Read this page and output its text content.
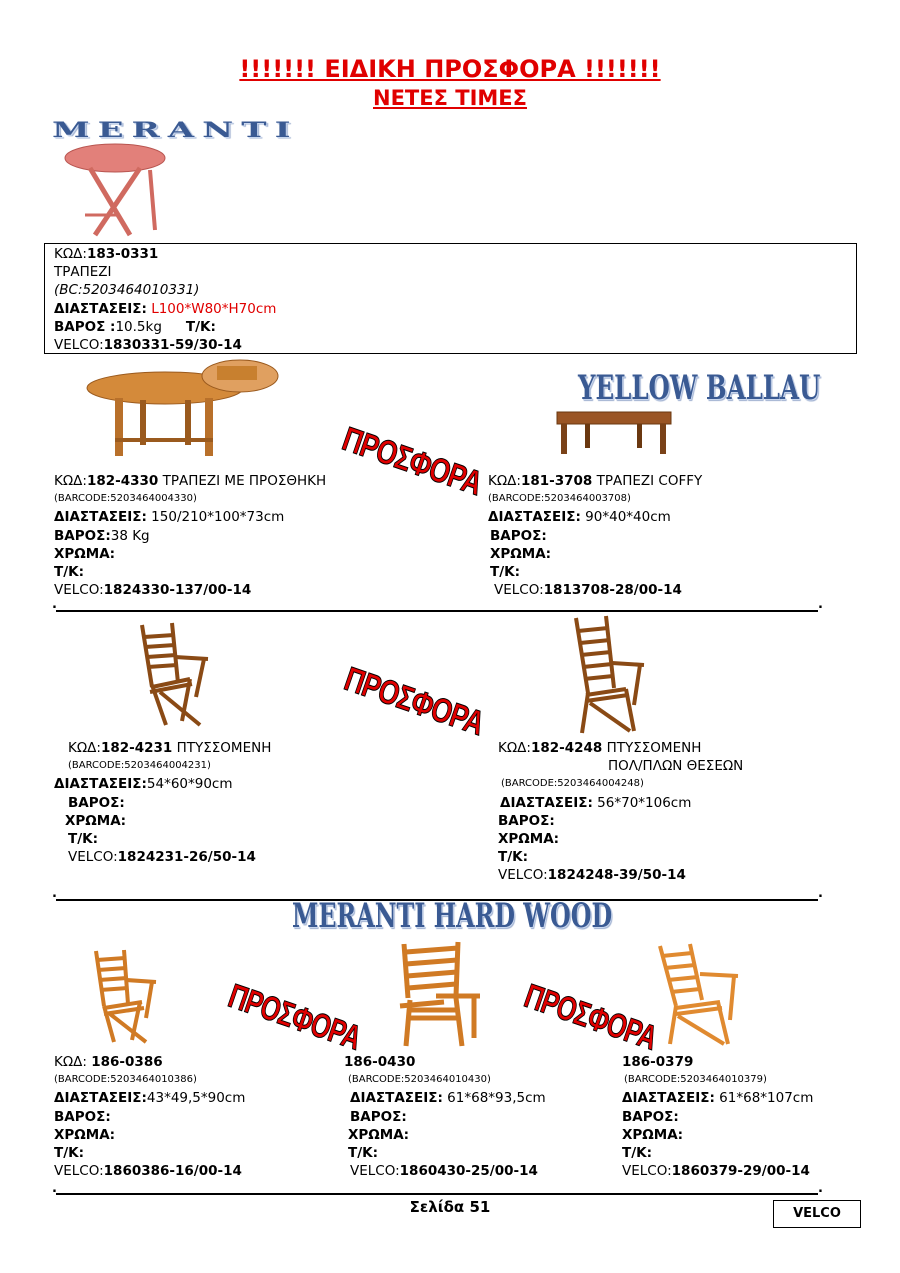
!!!!!!! ΕΙΔΙΚΗ ΠΡΟΣΦΟΡΑ !!!!!!!
ΝΕΤΕΣ ΤΙΜΕΣ
MERANTI
ΚΩΔ:183-0331
ΤΡΑΠΕΖΙ
(BC:5203464010331)
ΔΙΑΣΤΑΣΕΙΣ: L100*W80*H70cm
ΒΑΡΟΣ :10.5kg Τ/Κ:
VELCO:1830331-59/30-14
ΠΡΟΣΦΟΡΑ
YELLOW BALLAU
ΚΩΔ:182-4330 ΤΡΑΠΕΖΙ ΜΕ ΠΡΟΣΘΗΚΗ
(BARCODE:5203464004330)
ΔΙΑΣΤΑΣΕΙΣ: 150/210*100*73cm
ΒΑΡΟΣ:38 Kg
ΧΡΩΜΑ:
Τ/Κ:
VELCO:1824330-137/00-14
ΚΩΔ:181-3708 ΤΡΑΠΕΖΙ COFFY
(BARCODE:5203464003708)
ΔΙΑΣΤΑΣΕΙΣ: 90*40*40cm
ΒΑΡΟΣ:
ΧΡΩΜΑ:
Τ/Κ:
VELCO:1813708-28/00-14
.	.
ΠΡΟΣΦΟΡΑ
ΚΩΔ:182-4231 ΠΤΥΣΣΟΜΕΝΗ
(BARCODE:5203464004231)
ΔΙΑΣΤΑΣΕΙΣ:54*60*90cm
ΒΑΡΟΣ:
ΧΡΩΜΑ:
Τ/Κ:
VELCO:1824231-26/50-14
ΚΩΔ:182-4248 ΠΤΥΣΣΟΜΕΝΗ
ΠΟΛ/ΠΛΩΝ ΘΕΣΕΩΝ
(BARCODE:5203464004248)
ΔΙΑΣΤΑΣΕΙΣ: 56*70*106cm
ΒΑΡΟΣ:
ΧΡΩΜΑ:
Τ/Κ:
VELCO:1824248-39/50-14
.	.
MERANTI HARD WOOD
ΠΡΟΣΦΟΡΑ	ΠΡΟΣΦΟΡΑ
ΚΩΔ: 186-0386
(BARCODE:5203464010386)
ΔΙΑΣΤΑΣΕΙΣ:43*49,5*90cm
ΒΑΡΟΣ:
ΧΡΩΜΑ:
Τ/Κ:
VELCO:1860386-16/00-14
186-0430
(BARCODE:5203464010430)
ΔΙΑΣΤΑΣΕΙΣ: 61*68*93,5cm
ΒΑΡΟΣ:
ΧΡΩΜΑ:
Τ/Κ:
VELCO:1860430-25/00-14
186-0379
(BARCODE:5203464010379)
ΔΙΑΣΤΑΣΕΙΣ: 61*68*107cm
ΒΑΡΟΣ:
ΧΡΩΜΑ:
Τ/Κ:
VELCO:1860379-29/00-14
.	.
Σελίδα 51	VELCO
